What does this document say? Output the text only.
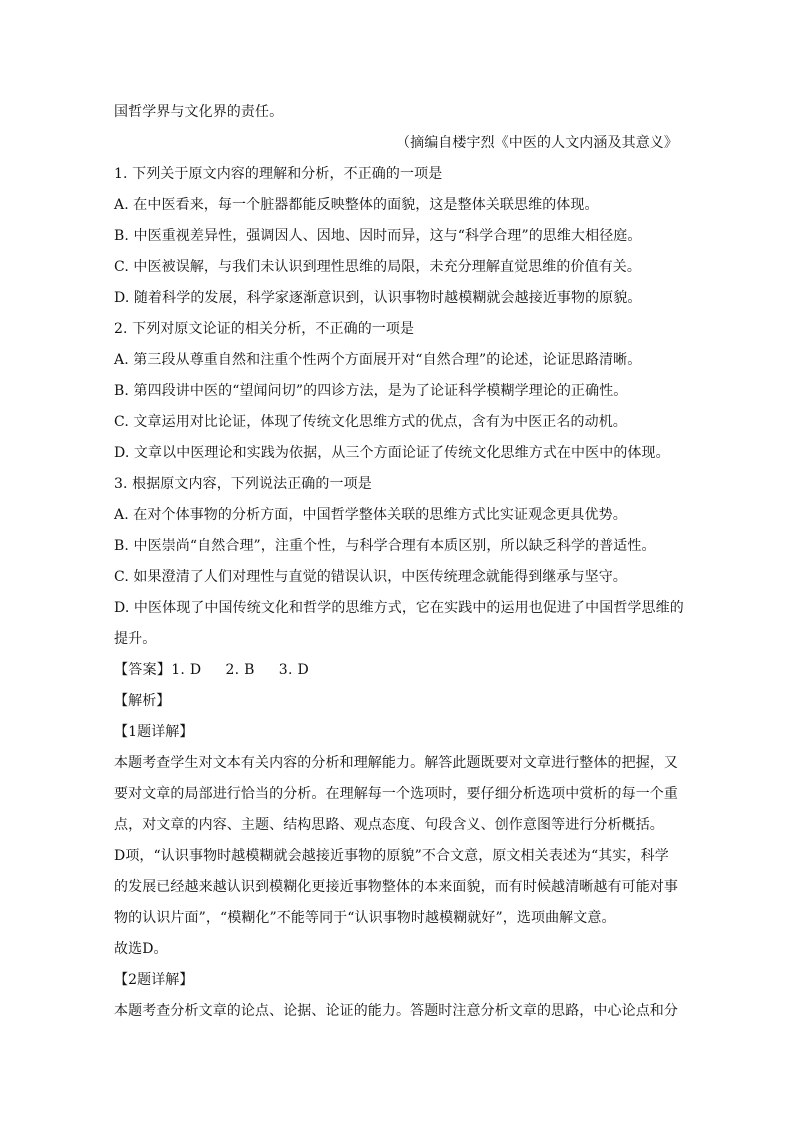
国哲学界与文化界的责任。
（摘编自楼宇烈《中医的人文内涵及其意义》
1. 下列关于原文内容的理解和分析，不正确的一项是
A. 在中医看来，每一个脏器都能反映整体的面貌，这是整体关联思维的体现。
B. 中医重视差异性，强调因人、因地、因时而异，这与“科学合理”的思维大相径庭。
C. 中医被误解，与我们未认识到理性思维的局限，未充分理解直觉思维的价值有关。
D. 随着科学的发展，科学家逐渐意识到，认识事物时越模糊就会越接近事物的原貌。
2. 下列对原文论证的相关分析，不正确的一项是
A. 第三段从尊重自然和注重个性两个方面展开对“自然合理”的论述，论证思路清晰。
B. 第四段讲中医的“望闻问切”的四诊方法，是为了论证科学模糊学理论的正确性。
C. 文章运用对比论证，体现了传统文化思维方式的优点，含有为中医正名的动机。
D. 文章以中医理论和实践为依据，从三个方面论证了传统文化思维方式在中医中的体现。
3. 根据原文内容，下列说法正确的一项是
A. 在对个体事物的分析方面，中国哲学整体关联的思维方式比实证观念更具优势。
B. 中医崇尚“自然合理”，注重个性，与科学合理有本质区别，所以缺乏科学的普适性。
C. 如果澄清了人们对理性与直觉的错误认识，中医传统理念就能得到继承与坚守。
D. 中医体现了中国传统文化和哲学的思维方式，它在实践中的运用也促进了中国哲学思维的
提升。
【答案】1. D 2. B 3. D
【解析】
【1题详解】
本题考查学生对文本有关内容的分析和理解能力。解答此题既要对文章进行整体的把握，又
要对文章的局部进行恰当的分析。在理解每一个选项时，要仔细分析选项中赏析的每一个重
点，对文章的内容、主题、结构思路、观点态度、句段含义、创作意图等进行分析概括。
D项，“认识事物时越模糊就会越接近事物的原貌”不合文意，原文相关表述为“其实，科学
的发展已经越来越认识到模糊化更接近事物整体的本来面貌，而有时候越清晰越有可能对事
物的认识片面”，“模糊化”不能等同于“认识事物时越模糊就好”，选项曲解文意。
故选D。
【2题详解】
本题考查分析文章的论点、论据、论证的能力。答题时注意分析文章的思路，中心论点和分
